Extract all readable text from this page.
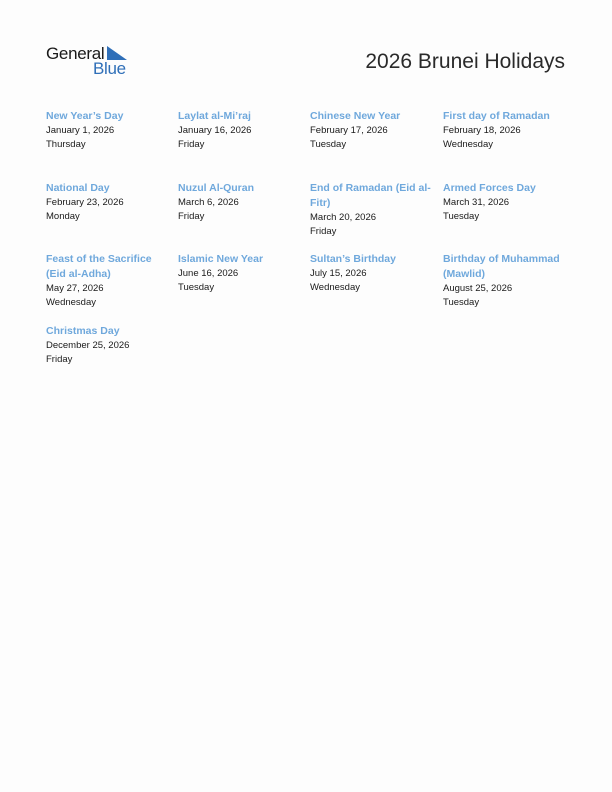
General
Blue	2026 Brunei Holidays
New Year’s Day
January 1, 2026
Thursday
Laylat al-Mi’raj
January 16, 2026
Friday
Chinese New Year
February 17, 2026
Tuesday
First day of Ramadan
February 18, 2026
Wednesday
National Day
February 23, 2026
Monday
Nuzul Al-Quran
March 6, 2026
Friday
End of Ramadan (Eid al-Fitr)
March 20, 2026
Friday
Armed Forces Day
March 31, 2026
Tuesday
Feast of the Sacrifice (Eid al-Adha)
May 27, 2026
Wednesday
Islamic New Year
June 16, 2026
Tuesday
Sultan’s Birthday
July 15, 2026
Wednesday
Birthday of Muhammad (Mawlid)
August 25, 2026
Tuesday
Christmas Day
December 25, 2026
Friday
